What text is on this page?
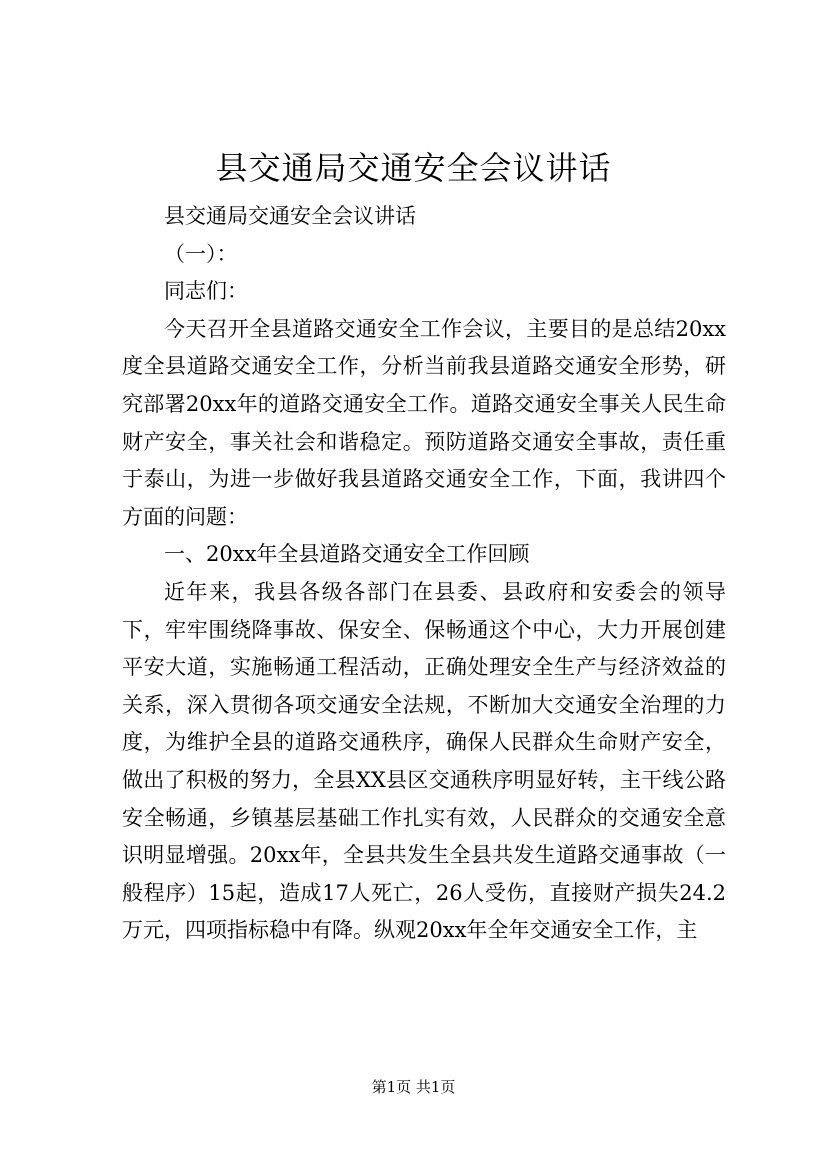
县交通局交通安全会议讲话

县交通局交通安全会议讲话

（一）：

同志们：

今天召开全县道路交通安全工作会议，主要目的是总结20xx度全县道路交通安全工作，分析当前我县道路交通安全形势，研究部署20xx年的道路交通安全工作。道路交通安全事关人民生命财产安全，事关社会和谐稳定。预防道路交通安全事故，责任重于泰山，为进一步做好我县道路交通安全工作，下面，我讲四个方面的问题：

一、20xx年全县道路交通安全工作回顾

近年来，我县各级各部门在县委、县政府和安委会的领导下，牢牢围绕降事故、保安全、保畅通这个中心，大力开展创建平安大道，实施畅通工程活动，正确处理安全生产与经济效益的关系，深入贯彻各项交通安全法规，不断加大交通安全治理的力度，为维护全县的道路交通秩序，确保人民群众生命财产安全，做出了积极的努力，全县XX县区交通秩序明显好转，主干线公路安全畅通，乡镇基层基础工作扎实有效，人民群众的交通安全意识明显增强。20xx年，全县共发生全县共发生道路交通事故（一般程序）15起，造成17人死亡，26人受伤，直接财产损失24.2万元，四项指标稳中有降。纵观20xx年全年交通安全工作，主

第1页 共1页
